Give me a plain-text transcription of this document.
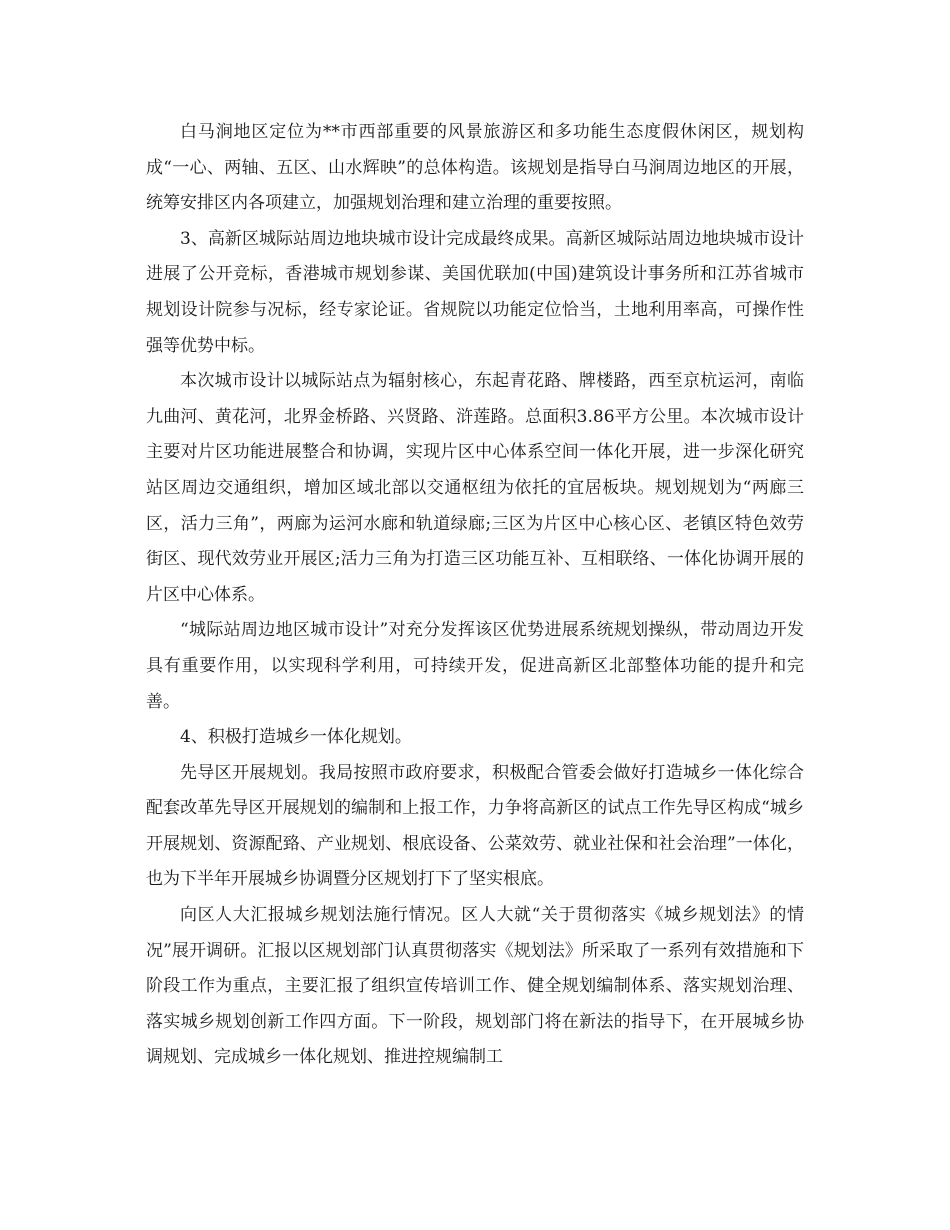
白马涧地区定位为**市西部重要的风景旅游区和多功能生态度假休闲区，规划构成“一心、两轴、五区、山水辉映”的总体构造。该规划是指导白马涧周边地区的开展，统筹安排区内各项建立，加强规划治理和建立治理的重要按照。

3、高新区城际站周边地块城市设计完成最终成果。高新区城际站周边地块城市设计进展了公开竞标，香港城市规划参谋、美国优联加(中国)建筑设计事务所和江苏省城市规划设计院参与况标，经专家论证。省规院以功能定位恰当，土地利用率高，可操作性强等优势中标。

本次城市设计以城际站点为辐射核心，东起青花路、牌楼路，西至京杭运河，南临九曲河、黄花河，北界金桥路、兴贤路、浒莲路。总面积3.86平方公里。本次城市设计主要对片区功能进展整合和协调，实现片区中心体系空间一体化开展，进一步深化研究站区周边交通组织，增加区域北部以交通枢纽为依托的宜居板块。规划规划为“两廊三区，活力三角”，两廊为运河水廊和轨道绿廊;三区为片区中心核心区、老镇区特色效劳街区、现代效劳业开展区;活力三角为打造三区功能互补、互相联络、一体化协调开展的片区中心体系。

“城际站周边地区城市设计”对充分发挥该区优势进展系统规划操纵，带动周边开发具有重要作用，以实现科学利用，可持续开发，促进高新区北部整体功能的提升和完善。

4、积极打造城乡一体化规划。

先导区开展规划。我局按照市政府要求，积极配合管委会做好打造城乡一体化综合配套改革先导区开展规划的编制和上报工作，力争将高新区的试点工作先导区构成“城乡开展规划、资源配臵、产业规划、根底设备、公菜效劳、就业社保和社会治理”一体化，也为下半年开展城乡协调暨分区规划打下了坚实根底。

向区人大汇报城乡规划法施行情况。区人大就“关于贯彻落实《城乡规划法》的情况”展开调研。汇报以区规划部门认真贯彻落实《规划法》所采取了一系列有效措施和下阶段工作为重点，主要汇报了组织宣传培训工作、健全规划编制体系、落实规划治理、落实城乡规划创新工作四方面。下一阶段，规划部门将在新法的指导下，在开展城乡协调规划、完成城乡一体化规划、推进控规编制工
